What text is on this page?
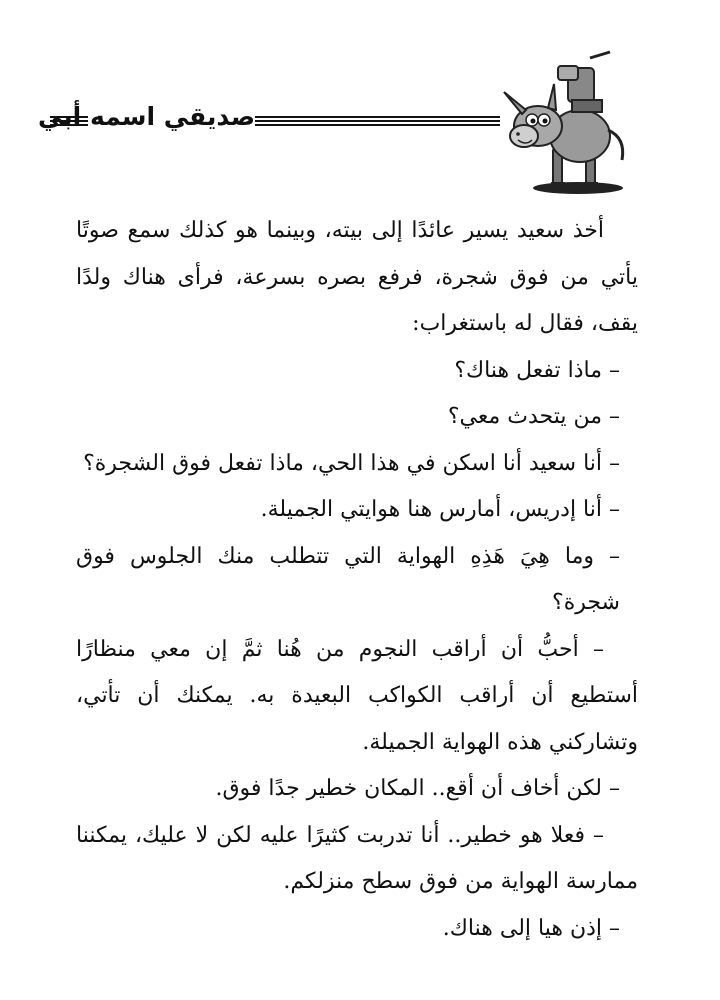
صديقي اسمه أبي

أخذ سعيد يسير عائدًا إلى بيته، وبينما هو كذلك سمع صوتًا يأتي من فوق شجرة، فرفع بصره بسرعة، فرأى هناك ولدًا يقف، فقال له باستغراب:

– ماذا تفعل هناك؟

– من يتحدث معي؟

– أنا سعيد أنا اسكن في هذا الحي، ماذا تفعل فوق الشجرة؟

– أنا إدريس، أمارس هنا هوايتي الجميلة.

– وما هِيَ هَذِهِ الهواية التي تتطلب منك الجلوس فوق شجرة؟

– أحبُّ أن أراقب النجوم من هُنا ثمَّ إن معي منظارًا أستطيع أن أراقب الكواكب البعيدة به. يمكنك أن تأتي، وتشاركني هذه الهواية الجميلة.

– لكن أخاف أن أقع.. المكان خطير جدًا فوق.

– فعلا هو خطير.. أنا تدربت كثيرًا عليه لكن لا عليك، يمكننا ممارسة الهواية من فوق سطح منزلكم.

– إذن هيا إلى هناك.
